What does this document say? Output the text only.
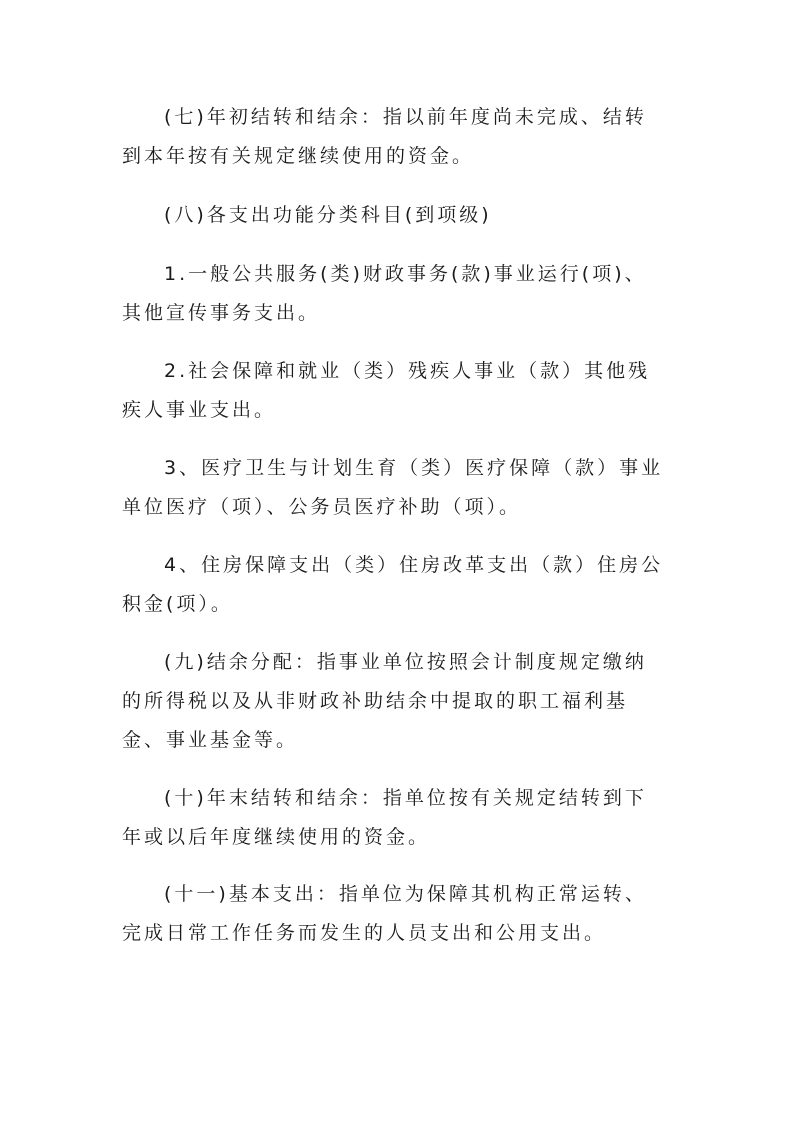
(七)年初结转和结余：指以前年度尚未完成、结转到本年按有关规定继续使用的资金。

(八)各支出功能分类科目(到项级)

1.一般公共服务(类)财政事务(款)事业运行(项)、其他宣传事务支出。

2.社会保障和就业（类）残疾人事业（款）其他残疾人事业支出。

3、医疗卫生与计划生育（类）医疗保障（款）事业单位医疗（项）、公务员医疗补助（项）。

4、住房保障支出（类）住房改革支出（款）住房公积金(项）。

(九)结余分配：指事业单位按照会计制度规定缴纳的所得税以及从非财政补助结余中提取的职工福利基金、事业基金等。

(十)年末结转和结余：指单位按有关规定结转到下年或以后年度继续使用的资金。

(十一)基本支出：指单位为保障其机构正常运转、完成日常工作任务而发生的人员支出和公用支出。
